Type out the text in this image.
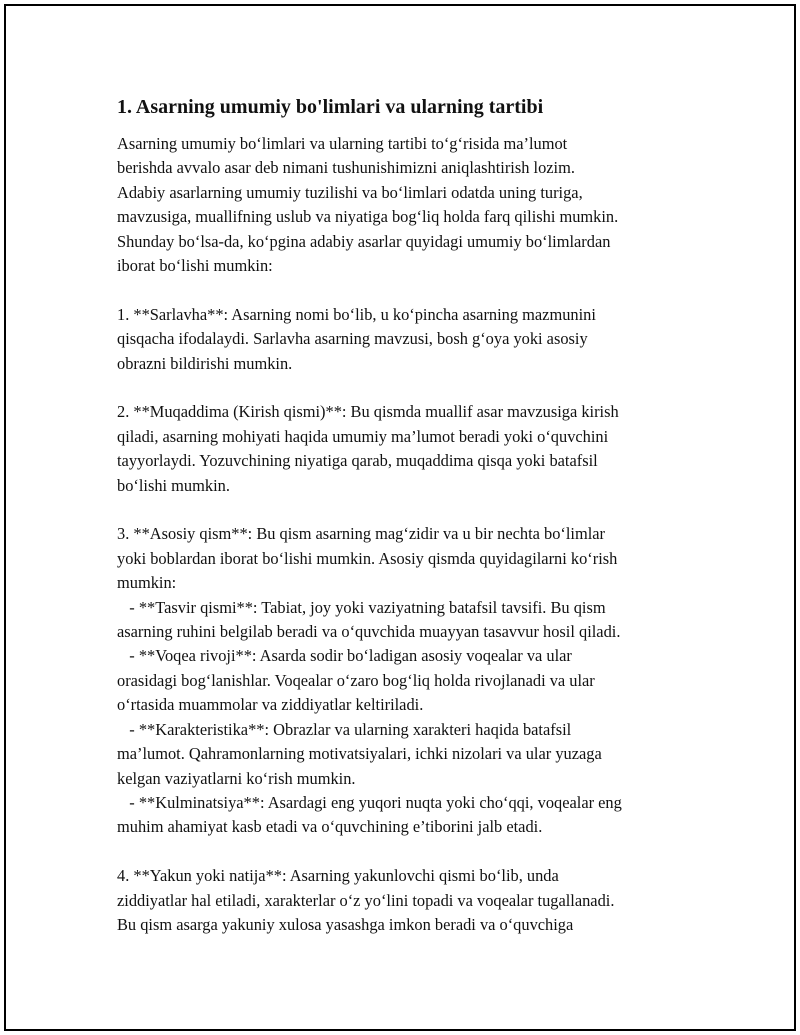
1. Asarning umumiy bo'limlari va ularning tartibi
Asarning umumiy bo‘limlari va ularning tartibi to‘g‘risida ma’lumot
berishda avvalo asar deb nimani tushunishimizni aniqlashtirish lozim.
Adabiy asarlarning umumiy tuzilishi va bo‘limlari odatda uning turiga,
mavzusiga, muallifning uslub va niyatiga bog‘liq holda farq qilishi mumkin.
Shunday bo‘lsa-da, ko‘pgina adabiy asarlar quyidagi umumiy bo‘limlardan
iborat bo‘lishi mumkin:
1. **Sarlavha**: Asarning nomi bo‘lib, u ko‘pincha asarning mazmunini
qisqacha ifodalaydi. Sarlavha asarning mavzusi, bosh g‘oya yoki asosiy
obrazni bildirishi mumkin.
2. **Muqaddima (Kirish qismi)**: Bu qismda muallif asar mavzusiga kirish
qiladi, asarning mohiyati haqida umumiy ma’lumot beradi yoki o‘quvchini
tayyorlaydi. Yozuvchining niyatiga qarab, muqaddima qisqa yoki batafsil
bo‘lishi mumkin.
3. **Asosiy qism**: Bu qism asarning mag‘zidir va u bir nechta bo‘limlar
yoki boblardan iborat bo‘lishi mumkin. Asosiy qismda quyidagilarni ko‘rish
mumkin:
- **Tasvir qismi**: Tabiat, joy yoki vaziyatning batafsil tavsifi. Bu qism
asarning ruhini belgilab beradi va o‘quvchida muayyan tasavvur hosil qiladi.
- **Voqea rivoji**: Asarda sodir bo‘ladigan asosiy voqealar va ular
orasidagi bog‘lanishlar. Voqealar o‘zaro bog‘liq holda rivojlanadi va ular
o‘rtasida muammolar va ziddiyatlar keltiriladi.
- **Karakteristika**: Obrazlar va ularning xarakteri haqida batafsil
ma’lumot. Qahramonlarning motivatsiyalari, ichki nizolari va ular yuzaga
kelgan vaziyatlarni ko‘rish mumkin.
- **Kulminatsiya**: Asardagi eng yuqori nuqta yoki cho‘qqi, voqealar eng
muhim ahamiyat kasb etadi va o‘quvchining e’tiborini jalb etadi.
4. **Yakun yoki natija**: Asarning yakunlovchi qismi bo‘lib, unda
ziddiyatlar hal etiladi, xarakterlar o‘z yo‘lini topadi va voqealar tugallanadi.
Bu qism asarga yakuniy xulosa yasashga imkon beradi va o‘quvchiga
